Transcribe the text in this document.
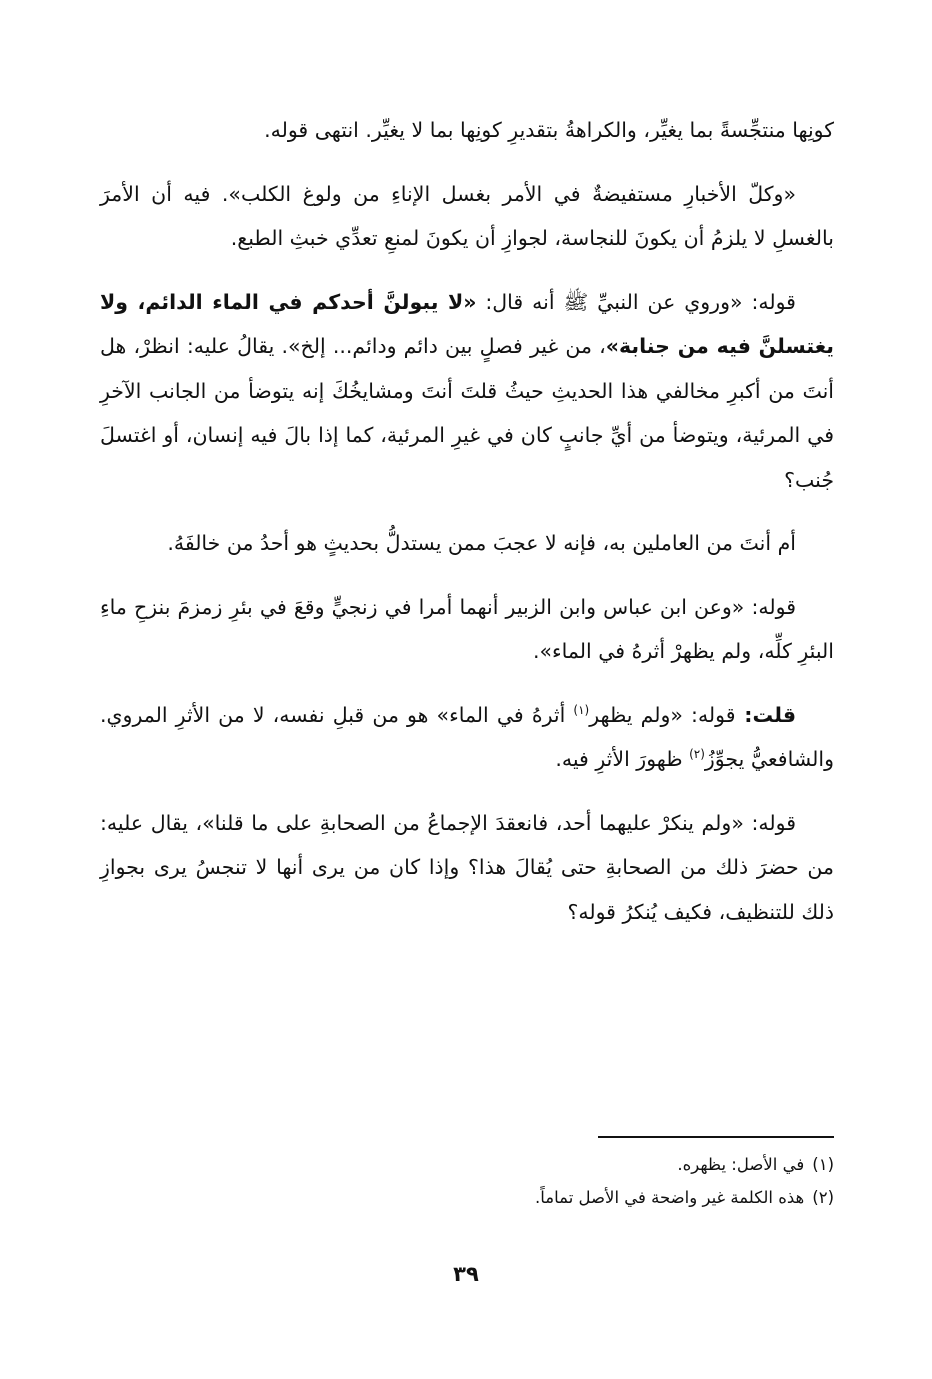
كونِها منتجِّسةً بما يغيِّر، والكراهةُ بتقديرِ كونِها بما لا يغيِّر. انتهى قوله.

«وكلّ الأخبارِ مستفيضةٌ في الأمر بغسل الإناءِ من ولوغ الكلب». فيه أن الأمرَ بالغسلِ لا يلزمُ أن يكونَ للنجاسة، لجوازِ أن يكونَ لمنعِ تعدِّي خبثِ الطبع.

قوله: «وروي عن النبيِّ ﷺ أنه قال: «لا يبولنَّ أحدكم في الماء الدائم، ولا يغتسلنَّ فيه من جنابة»، من غير فصلٍ بين دائم ودائم... إلخ». يقالُ عليه: انظرْ، هل أنتَ من أكبرِ مخالفي هذا الحديثِ حيثُ قلتَ أنتَ ومشايخُكَ إنه يتوضأ من الجانب الآخرِ في المرئية، ويتوضأ من أيِّ جانبٍ كان في غيرِ المرئية، كما إذا بالَ فيه إنسان، أو اغتسلَ جُنب؟

أم أنتَ من العاملين به، فإنه لا عجبَ ممن يستدلُّ بحديثٍ هو أحدُ من خالفَهُ.

قوله: «وعن ابن عباس وابن الزبير أنهما أمرا في زنجيٍّ وقعَ في بئرِ زمزمَ بنزحِ ماءِ البئرِ كلِّه، ولم يظهرْ أثرهُ في الماء».

قلت: قوله: «ولم يظهر$^{(١)}$ أثرهُ في الماء» هو من قبلِ نفسه، لا من الأثرِ المروي. والشافعيُّ يجوِّزُ$^{(٢)}$ ظهورَ الأثرِ فيه.

قوله: «ولم ينكرْ عليهما أحد، فانعقدَ الإجماعُ من الصحابةِ على ما قلنا»، يقال عليه: من حضرَ ذلك من الصحابةِ حتى يُقالَ هذا؟ وإذا كان من يرى أنها لا تنجسُ يرى بجوازِ ذلك للتنظيف، فكيف يُنكرُ قوله؟

(١)في الأصل: يظهره.

(٢)هذه الكلمة غير واضحة في الأصل تماماً.

٣٩
